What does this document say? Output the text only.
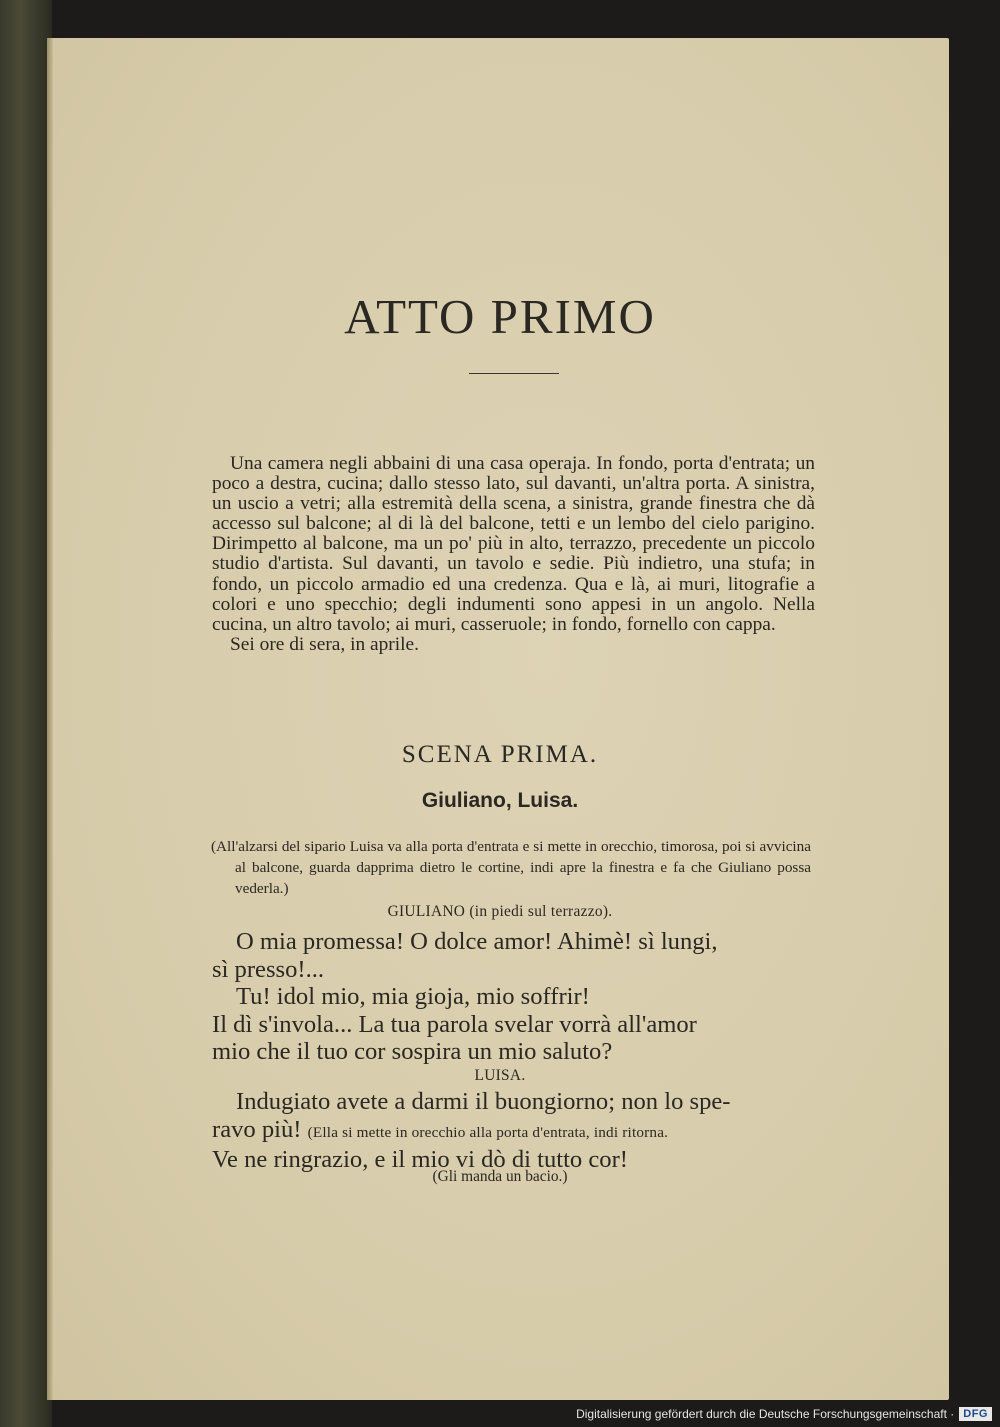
ATTO PRIMO

Una camera negli abbaini di una casa operaja. In fondo, porta d'entrata; un poco a destra, cucina; dallo stesso lato, sul davanti, un'altra porta. A sinistra, un uscio a vetri; alla estremità della scena, a sinistra, grande finestra che dà accesso sul balcone; al di là del balcone, tetti e un lembo del cielo parigino. Dirimpetto al balcone, ma un po' più in alto, terrazzo, precedente un piccolo studio d'artista. Sul davanti, un tavolo e sedie. Più indietro, una stufa; in fondo, un piccolo armadio ed una credenza. Qua e là, ai muri, litografie a colori e uno specchio; degli indumenti sono appesi in un angolo. Nella cucina, un altro tavolo; ai muri, casseruole; in fondo, fornello con cappa.

Sei ore di sera, in aprile.

SCENA PRIMA.
Giuliano, Luisa.
(All'alzarsi del sipario Luisa va alla porta d'entrata e si mette in orecchio, timorosa, poi si avvicina al balcone, guarda dapprima dietro le cortine, indi apre la finestra e fa che Giuliano possa vederla.)
GIULIANO (in piedi sul terrazzo).
O mia promessa! O dolce amor! Ahimè! sì lungi,
sì presso!...
Tu! idol mio, mia gioja, mio soffrir!
Il dì s'invola... La tua parola svelar vorrà all'amor
mio che il tuo cor sospira un mio saluto?
LUISA.
Indugiato avete a darmi il buongiorno; non lo spe-
ravo più! (Ella si mette in orecchio alla porta d'entrata, indi ritorna.
Ve ne ringrazio, e il mio vi dò di tutto cor!
(Gli manda un bacio.)
Digitalisierung gefördert durch die Deutsche Forschungsgemeinschaft · DFG
